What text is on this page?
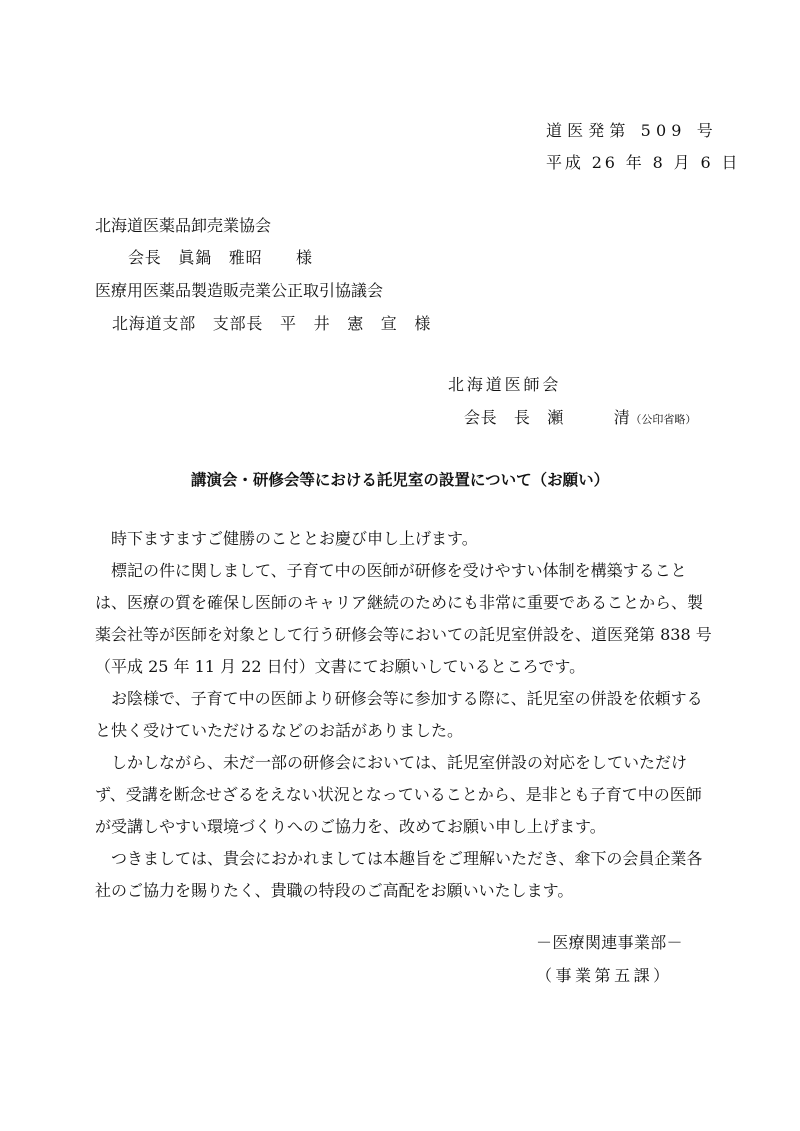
道医発第 509 号
平成 26 年 8 月 6 日
北海道医薬品卸売業協会
会長　眞鍋　雅昭　　様
医療用医薬品製造販売業公正取引協議会
北海道支部　支部長　平　井　憲　宣　様
北海道医師会
会長　長　瀬　　　清（公印省略）
講演会・研修会等における託児室の設置について（お願い）

時下ますますご健勝のこととお慶び申し上げます。

標記の件に関しまして、子育て中の医師が研修を受けやすい体制を構築することは、医療の質を確保し医師のキャリア継続のためにも非常に重要であることから、製薬会社等が医師を対象として行う研修会等においての託児室併設を、道医発第 838 号（平成 25 年 11 月 22 日付）文書にてお願いしているところです。

お陰様で、子育て中の医師より研修会等に参加する際に、託児室の併設を依頼すると快く受けていただけるなどのお話がありました。

しかしながら、未だ一部の研修会においては、託児室併設の対応をしていただけず、受講を断念せざるをえない状況となっていることから、是非とも子育て中の医師が受講しやすい環境づくりへのご協力を、改めてお願い申し上げます。

つきましては、貴会におかれましては本趣旨をご理解いただき、傘下の会員企業各社のご協力を賜りたく、貴職の特段のご高配をお願いいたします。

－医療関連事業部－
（事業第五課）
